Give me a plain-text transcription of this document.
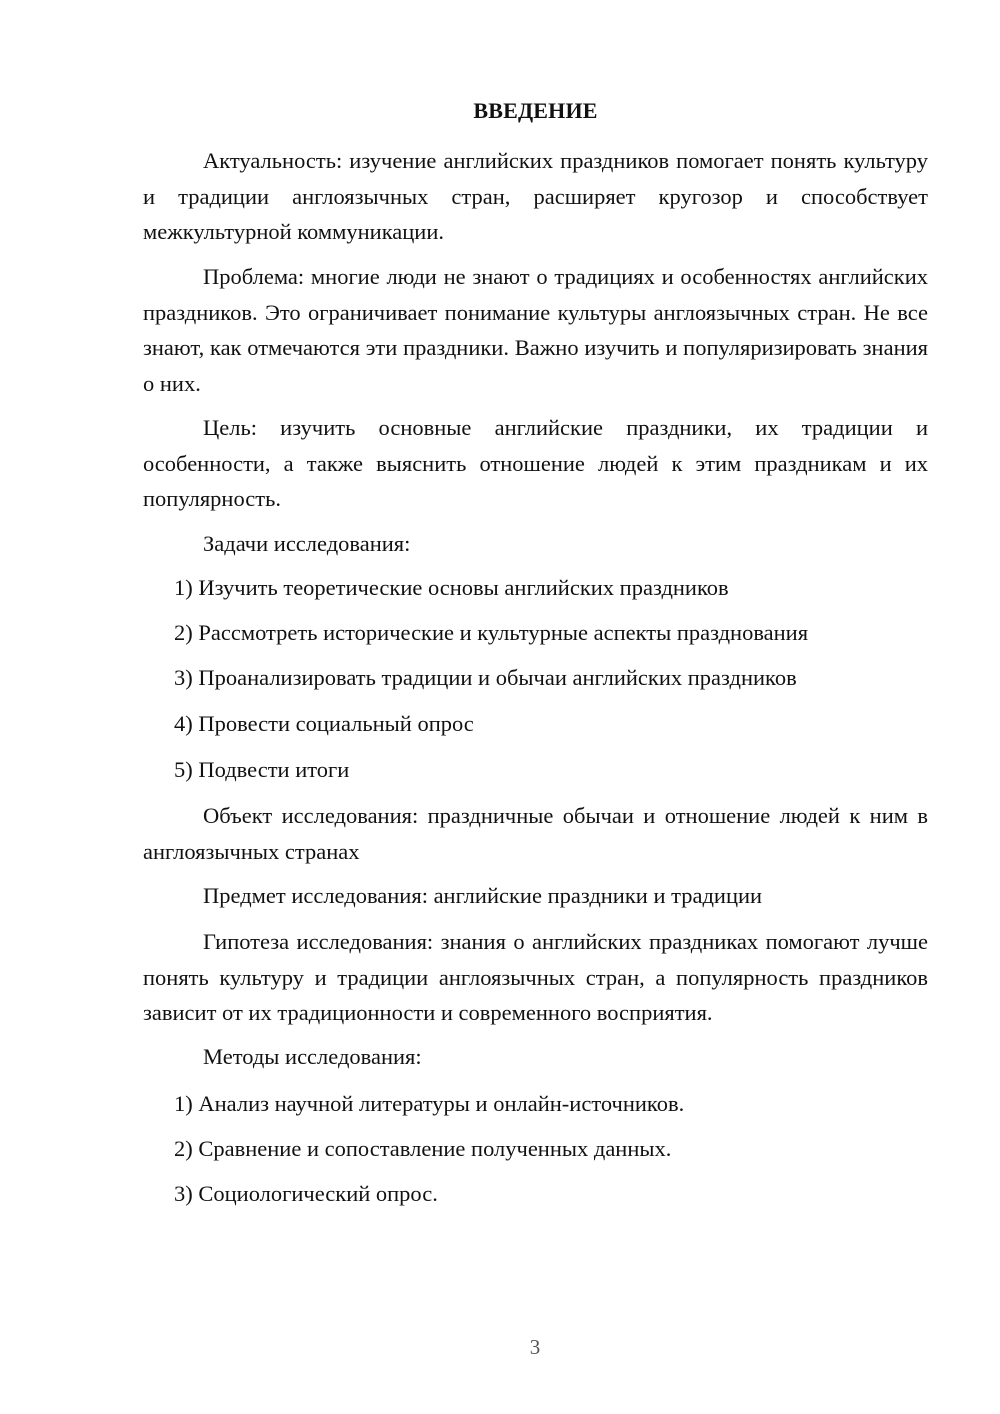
ВВЕДЕНИЕ

Актуальность: изучение английских праздников помогает понять культуру и традиции англоязычных стран, расширяет кругозор и способствует межкультурной коммуникации.

Проблема: многие люди не знают о традициях и особенностях английских праздников. Это ограничивает понимание культуры англоязычных стран. Не все знают, как отмечаются эти праздники. Важно изучить и популяризировать знания о них.

Цель: изучить основные английские праздники, их традиции и особенности, а также выяснить отношение людей к этим праздникам и их популярность.

Задачи исследования:
1) Изучить теоретические основы английских праздников
2) Рассмотреть исторические и культурные аспекты празднования
3) Проанализировать традиции и обычаи английских праздников
4) Провести социальный опрос
5) Подвести итоги

Объект исследования: праздничные обычаи и отношение людей к ним в англоязычных странах

Предмет исследования: английские праздники и традиции

Гипотеза исследования: знания о английских праздниках помогают лучше понять культуру и традиции англоязычных стран, а популярность праздников зависит от их традиционности и современного восприятия.

Методы исследования:
1) Анализ научной литературы и онлайн-источников.
2) Сравнение и сопоставление полученных данных.
3) Социологический опрос.
3
